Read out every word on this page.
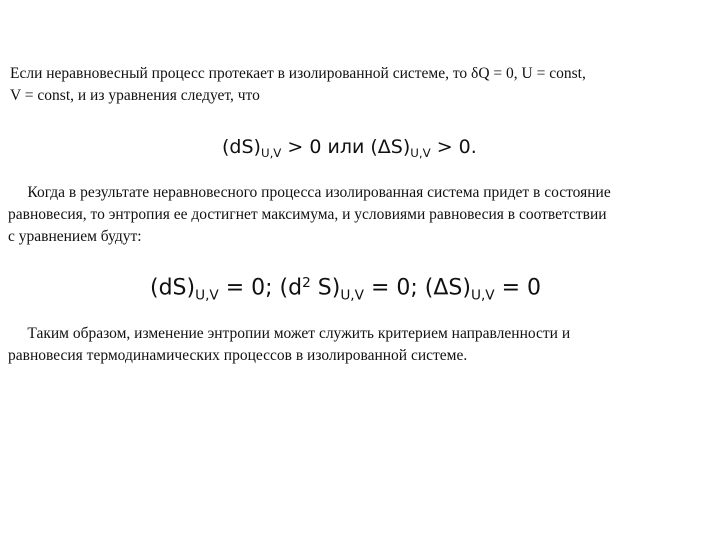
Если неравновесный процесс протекает в изолированной системе, то δQ = 0, U = const,
V = const, и из уравнения следует, что
$(dS)_{U,V} > 0$ или $(\Delta S)_{U,V} > 0$.
Когда в результате неравновесного процесса изолированная система придет в состояние
равновесия, то энтропия ее достигнет максимума, и условиями равновесия в соответствии
с уравнением будут:
$(dS)_{U,V} = 0$; ($d^2$ $S)_{U,V} = 0$; $(\Delta S)_{U,V} = 0$
Таким образом, изменение энтропии может служить критерием направленности и
равновесия термодинамических процессов в изолированной системе.
